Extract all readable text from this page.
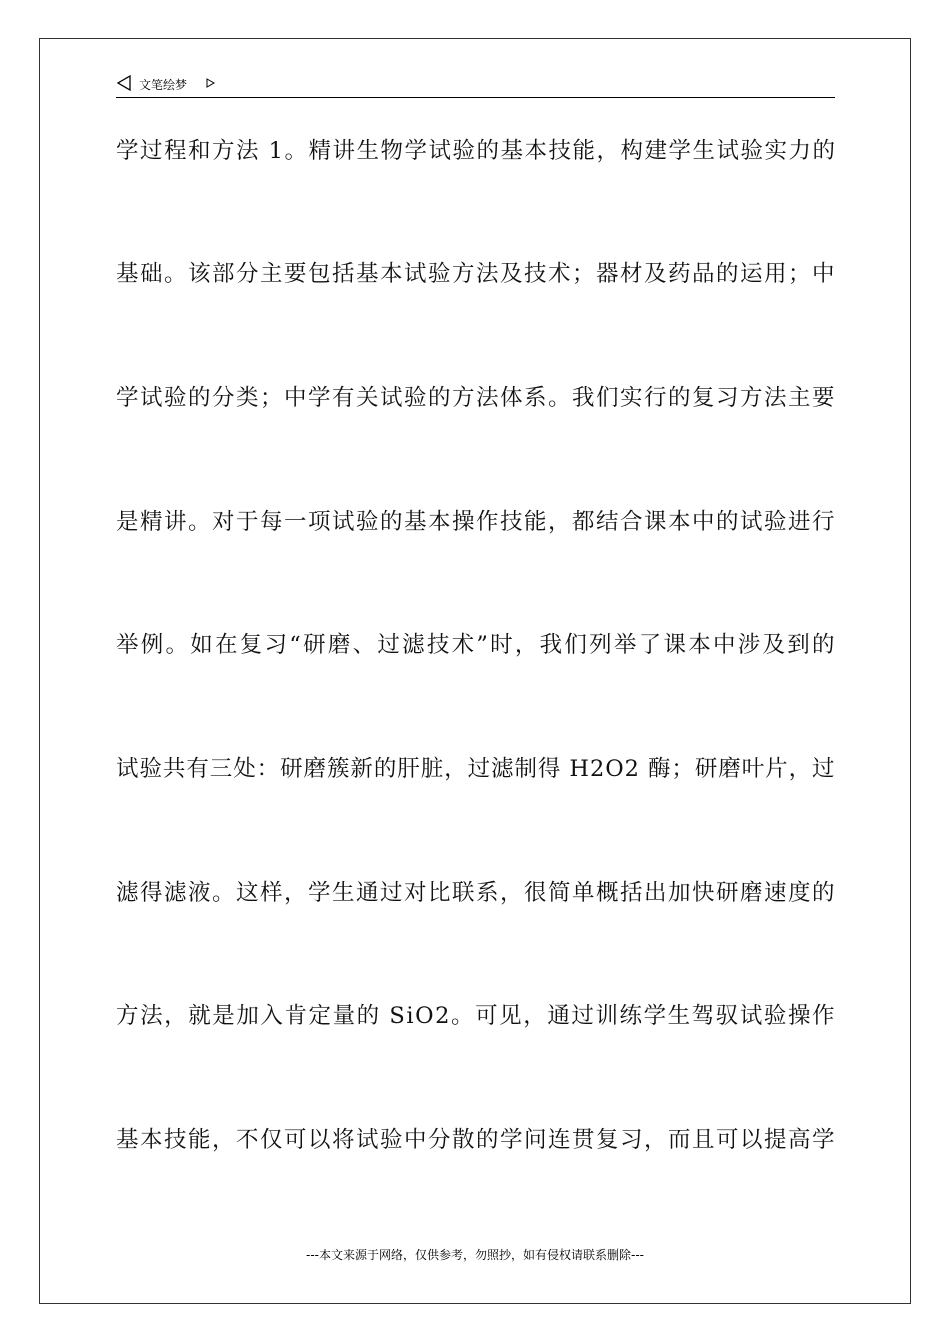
文笔绘梦
学过程和方法 1。精讲生物学试验的基本技能，构建学生试验实力的
基础。该部分主要包括基本试验方法及技术；器材及药品的运用；中
学试验的分类；中学有关试验的方法体系。我们实行的复习方法主要
是精讲。对于每一项试验的基本操作技能，都结合课本中的试验进行
举例。如在复习“研磨、过滤技术”时，我们列举了课本中涉及到的
试验共有三处：研磨簇新的肝脏，过滤制得 H2O2 酶；研磨叶片，过
滤得滤液。这样，学生通过对比联系，很简单概括出加快研磨速度的
方法，就是加入肯定量的 SiO2。可见，通过训练学生驾驭试验操作
基本技能，不仅可以将试验中分散的学问连贯复习，而且可以提高学
---本文来源于网络，仅供参考，勿照抄，如有侵权请联系删除---
